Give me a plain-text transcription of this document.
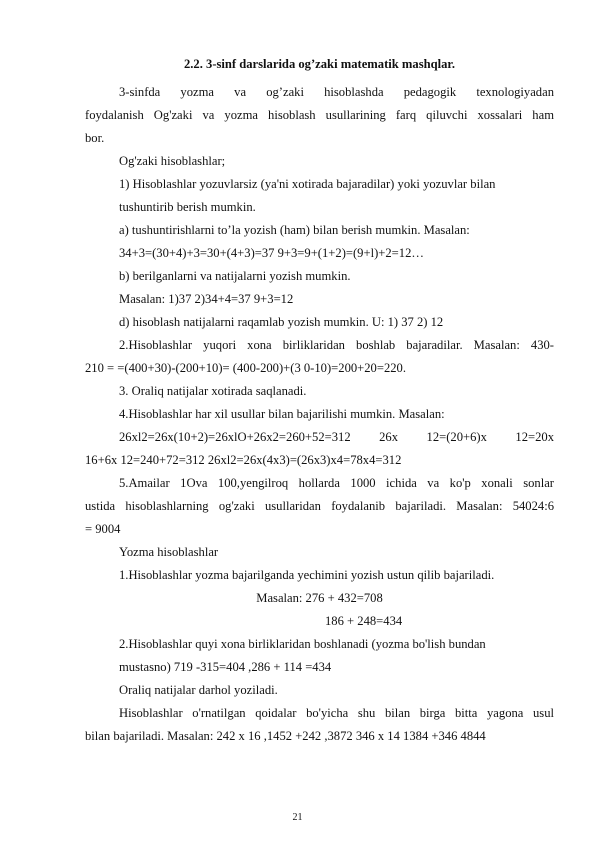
2.2. 3-sinf darslarida og’zaki matematik mashqlar.
3-sinfda yozma va og’zaki hisoblashda pedagogik texnologiyadan
foydalanish Og'zaki va yozma hisoblash usullarining farq qiluvchi xossalari ham
bor.
Og'zaki hisoblashlar;
1) Hisoblashlar yozuvlarsiz (ya'ni xotirada bajaradilar) yoki yozuvlar bilan
tushuntirib berish mumkin.
a) tushuntirishlarni to’la yozish (ham) bilan berish mumkin. Masalan:
34+3=(30+4)+3=30+(4+3)=37 9+3=9+(1+2)=(9+l)+2=12…
b) berilganlarni va natijalarni yozish mumkin.
Masalan: 1)37 2)34+4=37 9+3=12
d) hisoblash natijalarni raqamlab yozish mumkin. U: 1) 37 2) 12
2.Hisoblashlar yuqori xona birliklaridan boshlab bajaradilar. Masalan: 430-
210 = =(400+30)-(200+10)= (400-200)+(3 0-10)=200+20=220.
3. Oraliq natijalar xotirada saqlanadi.
4.Hisoblashlar har xil usullar bilan bajarilishi mumkin. Masalan:
26xl2=26x(10+2)=26xlO+26x2=260+52=312 26x 12=(20+6)x 12=20x
16+6x 12=240+72=312 26xl2=26x(4x3)=(26x3)x4=78x4=312
5.Amailar 1Ova 100,yengilroq hollarda 1000 ichida va ko'p xonali sonlar
ustida hisoblashlarning og'zaki usullaridan foydalanib bajariladi. Masalan: 54024:6
= 9004
Yozma hisoblashlar
1.Hisoblashlar yozma bajarilganda yechimini yozish ustun qilib bajariladi.
Masalan: 276 + 432=708
186 + 248=434
2.Hisoblashlar quyi xona birliklaridan boshlanadi (yozma bo'lish bundan
mustasno) 719 -315=404 ,286 + 114 =434
Oraliq natijalar darhol yoziladi.
Hisoblashlar o'rnatilgan qoidalar bo'yicha shu bilan birga bitta yagona usul
bilan bajariladi. Masalan: 242 x 16 ,1452 +242 ,3872 346 x 14 1384 +346 4844
21
